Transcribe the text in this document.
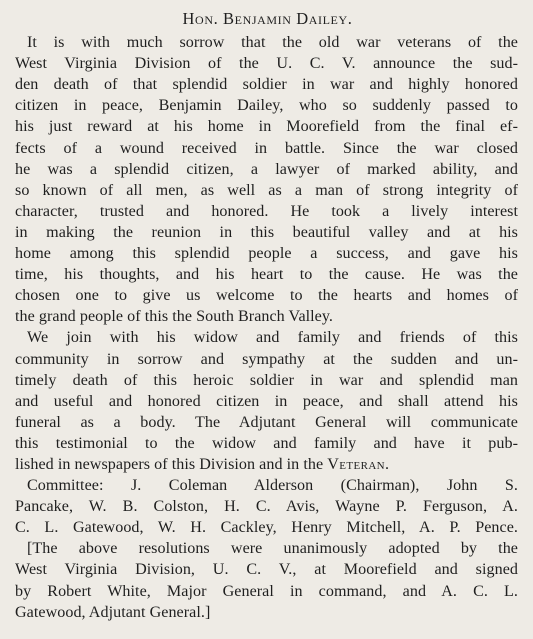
Hon. Benjamin Dailey.
It is with much sorrow that the old war veterans of the
West Virginia Division of the U. C. V. announce the sud-
den death of that splendid soldier in war and highly honored
citizen in peace, Benjamin Dailey, who so suddenly passed to
his just reward at his home in Moorefield from the final ef-
fects of a wound received in battle. Since the war closed
he was a splendid citizen, a lawyer of marked ability, and
so known of all men, as well as a man of strong integrity of
character, trusted and honored. He took a lively interest
in making the reunion in this beautiful valley and at his
home among this splendid people a success, and gave his
time, his thoughts, and his heart to the cause. He was the
chosen one to give us welcome to the hearts and homes of
the grand people of this the South Branch Valley.
We join with his widow and family and friends of this
community in sorrow and sympathy at the sudden and un-
timely death of this heroic soldier in war and splendid man
and useful and honored citizen in peace, and shall attend his
funeral as a body. The Adjutant General will communicate
this testimonial to the widow and family and have it pub-
lished in newspapers of this Division and in the Veteran.
Committee: J. Coleman Alderson (Chairman), John S.
Pancake, W. B. Colston, H. C. Avis, Wayne P. Ferguson, A.
C. L. Gatewood, W. H. Cackley, Henry Mitchell, A. P. Pence.
[The above resolutions were unanimously adopted by the
West Virginia Division, U. C. V., at Moorefield and signed
by Robert White, Major General in command, and A. C. L.
Gatewood, Adjutant General.]
